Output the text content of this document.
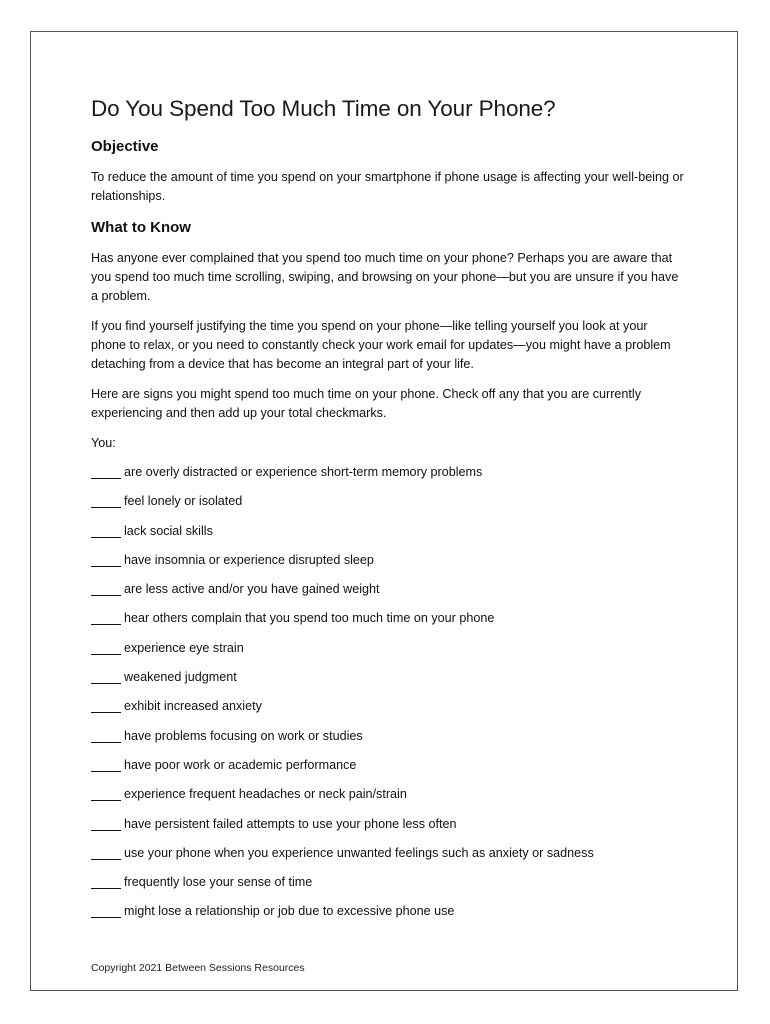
Do You Spend Too Much Time on Your Phone?
Objective

To reduce the amount of time you spend on your smartphone if phone usage is affecting your well-being or relationships.

What to Know

Has anyone ever complained that you spend too much time on your phone? Perhaps you are aware that you spend too much time scrolling, swiping, and browsing on your phone—but you are unsure if you have a problem.

If you find yourself justifying the time you spend on your phone—like telling yourself you look at your phone to relax, or you need to constantly check your work email for updates—you might have a problem detaching from a device that has become an integral part of your life.

Here are signs you might spend too much time on your phone. Check off any that you are currently experiencing and then add up your total checkmarks.

You:

are overly distracted or experience short-term memory problems
feel lonely or isolated
lack social skills
have insomnia or experience disrupted sleep
are less active and/or you have gained weight
hear others complain that you spend too much time on your phone
experience eye strain
weakened judgment
exhibit increased anxiety
have problems focusing on work or studies
have poor work or academic performance
experience frequent headaches or neck pain/strain
have persistent failed attempts to use your phone less often
use your phone when you experience unwanted feelings such as anxiety or sadness
frequently lose your sense of time
might lose a relationship or job due to excessive phone use
Copyright 2021 Between Sessions Resources
